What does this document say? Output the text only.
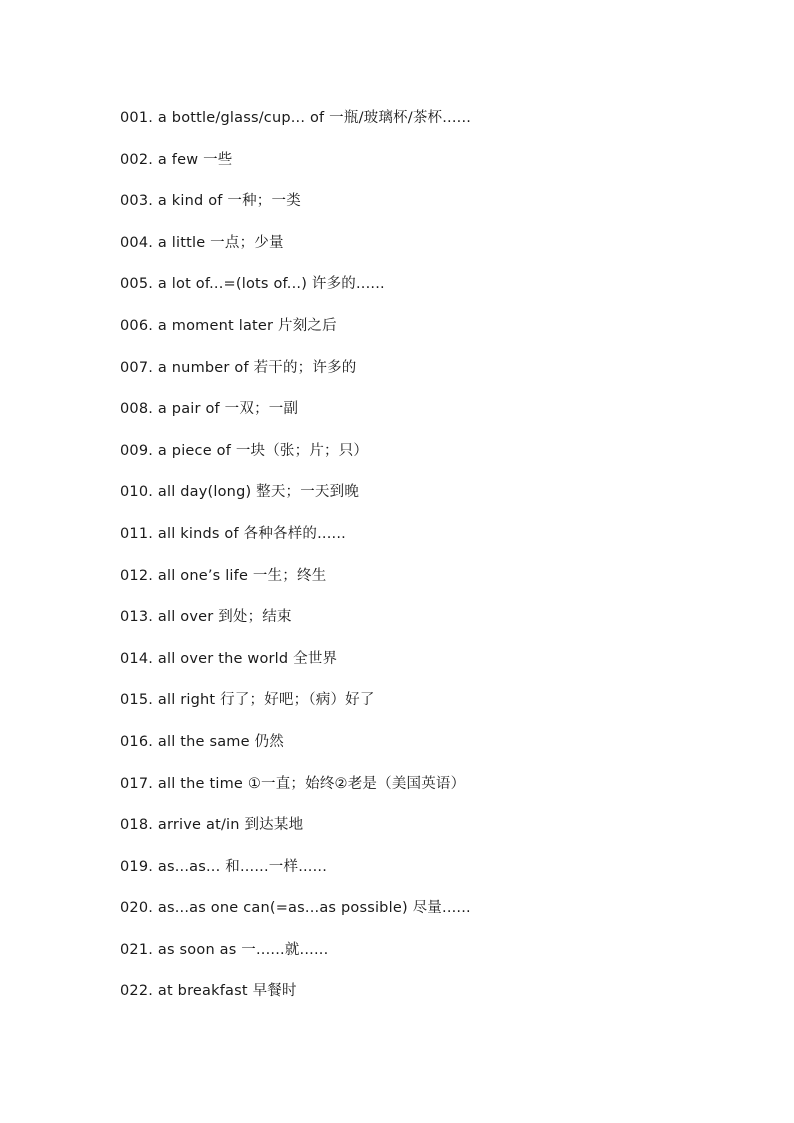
001. a bottle/glass/cup... of 一瓶/玻璃杯/茶杯......
002. a few 一些
003. a kind of 一种；一类
004. a little 一点；少量
005. a lot of...=(lots of...) 许多的......
006. a moment later 片刻之后
007. a number of 若干的；许多的
008. a pair of 一双；一副
009. a piece of 一块（张；片；只）
010. all day(long) 整天；一天到晚
011. all kinds of 各种各样的......
012. all one’s life 一生；终生
013. all over 到处；结束
014. all over the world 全世界
015. all right 行了；好吧；（病）好了
016. all the same 仍然
017. all the time ①一直；始终②老是（美国英语）
018. arrive at/in 到达某地
019. as...as... 和......一样......
020. as...as one can(=as...as possible) 尽量......
021. as soon as 一......就......
022. at breakfast 早餐时
